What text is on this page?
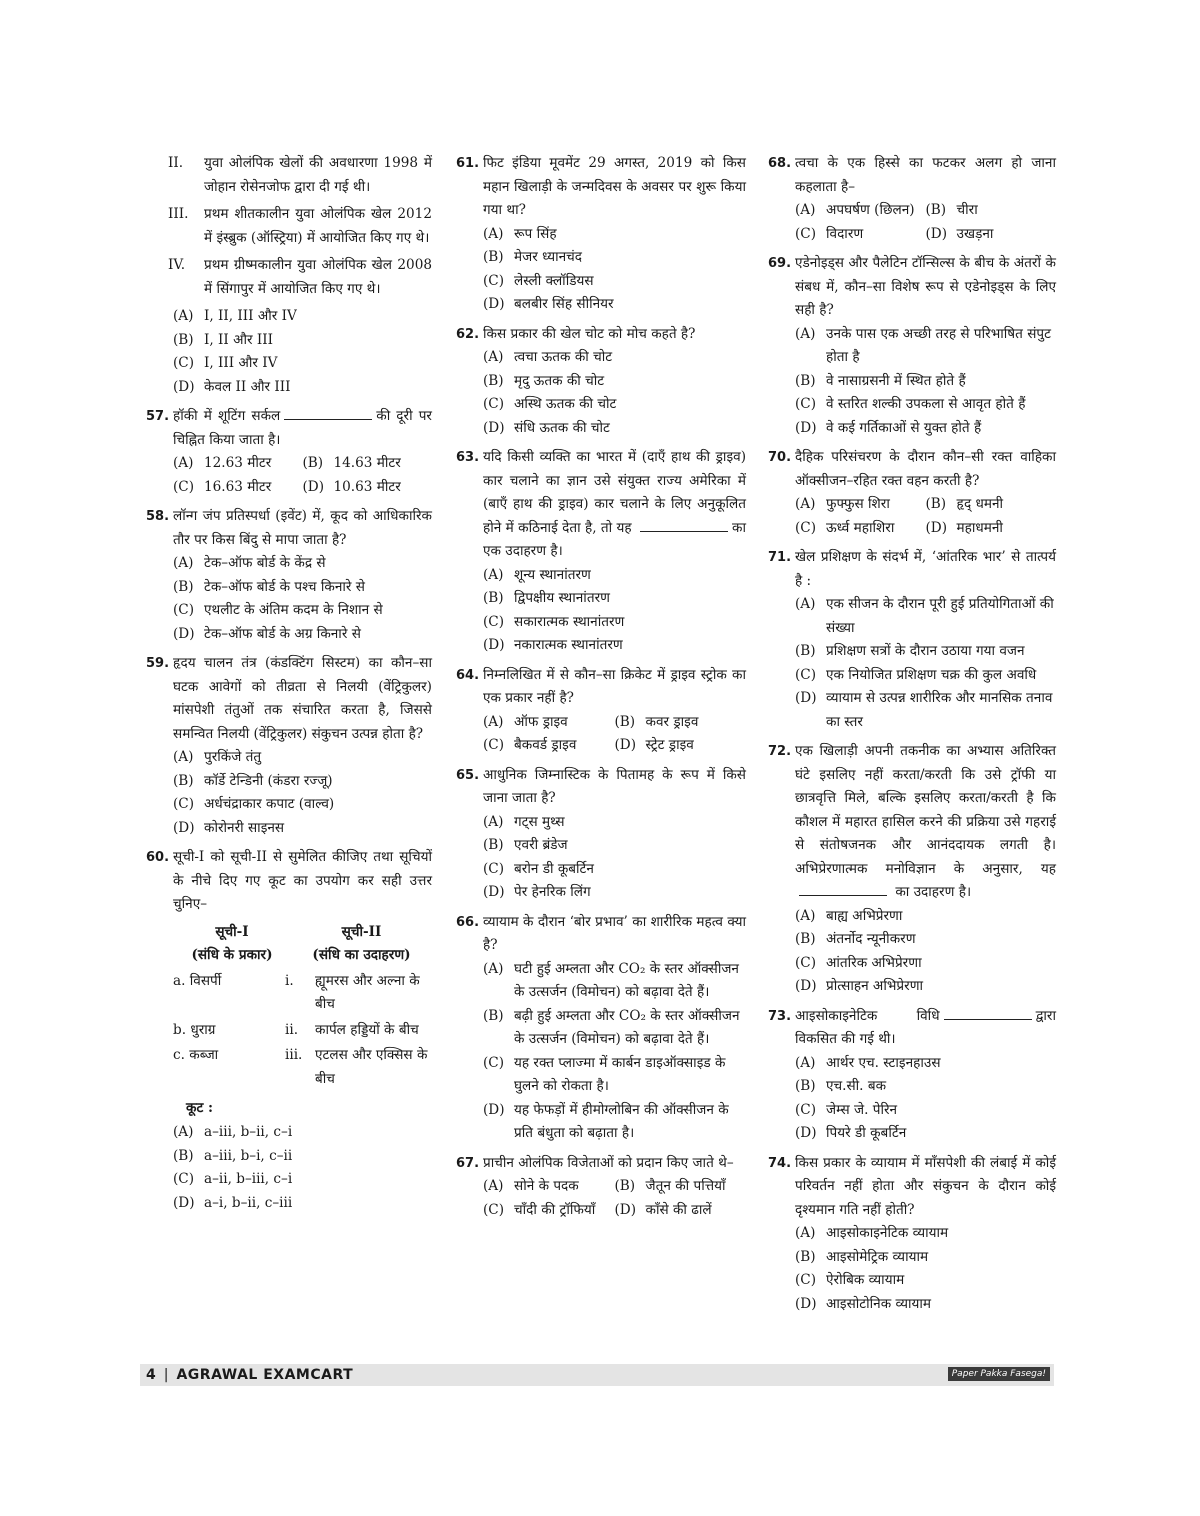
II.	युवा ओलंपिक खेलों की अवधारणा 1998 में जोहान रोसेनजोफ द्वारा दी गई थी।
III.	प्रथम शीतकालीन युवा ओलंपिक खेल 2012 में इंस्ब्रुक (ऑस्ट्रिया) में आयोजित किए गए थे।
IV.	प्रथम ग्रीष्मकालीन युवा ओलंपिक खेल 2008 में सिंगापुर में आयोजित किए गए थे।
(A) I, II, III और IV
(B) I, II और III
(C) I, III और IV
(D) केवल II और III
57. हॉकी में शूटिंग सर्कल	की दूरी पर चिह्नित किया जाता है।
(A) 12.63 मीटर (B) 14.63 मीटर
(C) 16.63 मीटर (D) 10.63 मीटर
58. लॉन्ग जंप प्रतिस्पर्धा (इवेंट) में, कूद को आधिकारिक तौर पर किस बिंदु से मापा जाता है?
(A) टेक–ऑफ बोर्ड के केंद्र से
(B) टेक–ऑफ बोर्ड के पश्च किनारे से
(C) एथलीट के अंतिम कदम के निशान से
(D) टेक–ऑफ बोर्ड के अग्र किनारे से
59. हृदय चालन तंत्र (कंडक्टिंग सिस्टम) का कौन–सा घटक आवेगों को तीव्रता से निलयी (वेंट्रिकुलर) मांसपेशी तंतुओं तक संचारित करता है, जिससे समन्वित निलयी (वेंट्रिकुलर) संकुचन उत्पन्न होता है?
(A) पुरकिंजे तंतु
(B) कॉर्डे टेन्डिनी (कंडरा रज्जू)
(C) अर्धचंद्राकार कपाट (वाल्व)
(D) कोरोनरी साइनस
60. सूची-I को सूची-II से सुमेलित कीजिए तथा सूचियों के नीचे दिए गए कूट का उपयोग कर सही उत्तर चुनिए–
सूची-I	सूची-II
(संधि के प्रकार)	(संधि का उदाहरण)
a. विसर्पी	i.	ह्यूमरस और अल्ना के बीच
b. धुराग्र	ii.	कार्पल हड्डियों के बीच
c. कब्जा	iii. एटलस और एक्सिस के बीच
कूट :
(A) a–iii, b–ii, c–i
(B) a–iii, b–i, c–ii
(C) a–ii, b–iii, c–i
(D) a–i, b–ii, c–iii
61. फिट इंडिया मूवमेंट 29 अगस्त, 2019 को किस महान खिलाड़ी के जन्मदिवस के अवसर पर शुरू किया गया था?
(A) रूप सिंह
(B) मेजर ध्यानचंद
(C) लेस्ली क्लॉडियस
(D) बलबीर सिंह सीनियर
62. किस प्रकार की खेल चोट को मोच कहते है?
(A) त्वचा ऊतक की चोट
(B) मृदु ऊतक की चोट
(C) अस्थि ऊतक की चोट
(D) संधि ऊतक की चोट
63. यदि किसी व्यक्ति का भारत में (दाएँ हाथ की ड्राइव) कार चलाने का ज्ञान उसे संयुक्त राज्य अमेरिका में (बाएँ हाथ की ड्राइव) कार चलाने के लिए अनुकूलित होने में कठिनाई देता है, तो यह	का एक उदाहरण है।
(A) शून्य स्थानांतरण
(B) द्विपक्षीय स्थानांतरण
(C) सकारात्मक स्थानांतरण
(D) नकारात्मक स्थानांतरण
64. निम्नलिखित में से कौन–सा क्रिकेट में ड्राइव स्ट्रोक का एक प्रकार नहीं है?
(A) ऑफ ड्राइव	(B) कवर ड्राइव
(C) बैकवर्ड ड्राइव	(D) स्ट्रेट ड्राइव
65. आधुनिक जिम्नास्टिक के पितामह के रूप में किसे जाना जाता है?
(A) गट्स मुथ्स
(B) एवरी ब्रंडेज
(C) बरोन डी कूबर्टिन
(D) पेर हेनरिक लिंग
66. व्यायाम के दौरान ‘बोर प्रभाव’ का शारीरिक महत्व क्या है?
(A) घटी हुई अम्लता और CO₂ के स्तर ऑक्सीजन के उत्सर्जन (विमोचन) को बढ़ावा देते हैं।
(B) बढ़ी हुई अम्लता और CO₂ के स्तर ऑक्सीजन के उत्सर्जन (विमोचन) को बढ़ावा देते हैं।
(C) यह रक्त प्लाज्मा में कार्बन डाइऑक्साइड के घुलने को रोकता है।
(D) यह फेफड़ों में हीमोग्लोबिन की ऑक्सीजन के प्रति बंधुता को बढ़ाता है।
67. प्राचीन ओलंपिक विजेताओं को प्रदान किए जाते थे–
(A) सोने के पदक	(B) जैतून की पत्तियाँ
(C) चाँदी की ट्रॉफियाँ (D) काँसे की ढालें
68. त्वचा के एक हिस्से का फटकर अलग हो जाना कहलाता है–
(A) अपघर्षण (छिलन) (B) चीरा
(C) विदारण	(D) उखड़ना
69. एडेनोइड्स और पैलेटिन टॉन्सिल्स के बीच के अंतरों के संबध में, कौन–सा विशेष रूप से एडेनोइड्स के लिए सही है?
(A) उनके पास एक अच्छी तरह से परिभाषित संपुट होता है
(B) वे नासाग्रसनी में स्थित होते हैं
(C) वे स्तरित शल्की उपकला से आवृत होते हैं
(D) वे कई गर्तिकाओं से युक्त होते हैं
70. दैहिक परिसंचरण के दौरान कौन–सी रक्त वाहिका ऑक्सीजन–रहित रक्त वहन करती है?
(A) फुफ्फुस शिरा	(B) हृद् धमनी
(C) ऊर्ध्व महाशिरा (D) महाधमनी
71. खेल प्रशिक्षण के संदर्भ में, ‘आंतरिक भार’ से तात्पर्य है :
(A) एक सीजन के दौरान पूरी हुई प्रतियोगिताओं की संख्या
(B) प्रशिक्षण सत्रों के दौरान उठाया गया वजन
(C) एक नियोजित प्रशिक्षण चक्र की कुल अवधि
(D) व्यायाम से उत्पन्न शारीरिक और मानसिक तनाव का स्तर
72. एक खिलाड़ी अपनी तकनीक का अभ्यास अतिरिक्त घंटे इसलिए नहीं करता/करती कि उसे ट्रॉफी या छात्रवृत्ति मिले, बल्कि इसलिए करता/करती है कि कौशल में महारत हासिल करने की प्रक्रिया उसे गहराई से संतोषजनक और आनंददायक लगती है। अभिप्रेरणात्मक मनोविज्ञान के अनुसार, यह  का उदाहरण है।
(A) बाह्य अभिप्रेरणा
(B) अंतर्नोद न्यूनीकरण
(C) आंतरिक अभिप्रेरणा
(D) प्रोत्साहन अभिप्रेरणा
73. आइसोकाइनेटिक विधि	द्वारा विकसित की गई थी।
(A) आर्थर एच. स्टाइनहाउस
(B) एच.सी. बक
(C) जेम्स जे. पेरिन
(D) पियरे डी कूबर्टिन
74. किस प्रकार के व्यायाम में माँसपेशी की लंबाई में कोई परिवर्तन नहीं होता और संकुचन के दौरान कोई दृश्यमान गति नहीं होती?
(A) आइसोकाइनेटिक व्यायाम
(B) आइसोमेट्रिक व्यायाम
(C) ऐरोबिक व्यायाम
(D) आइसोटोनिक व्यायाम
4 | AGRAWAL EXAMCART	Paper Pakka Fasega!
